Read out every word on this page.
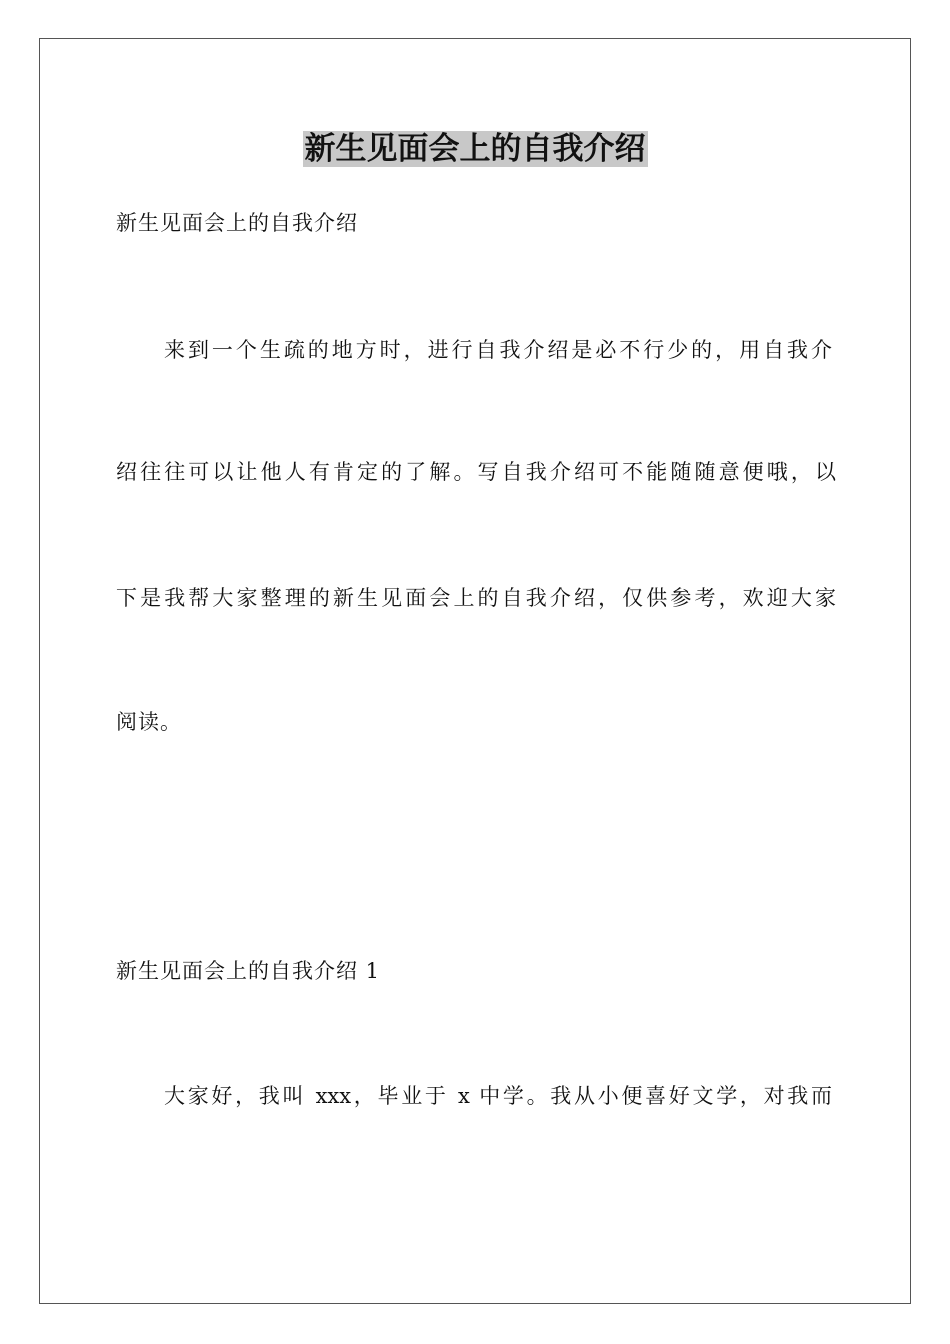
新生见面会上的自我介绍

新生见面会上的自我介绍

来到一个生疏的地方时，进行自我介绍是必不行少的，用自我介

绍往往可以让他人有肯定的了解。写自我介绍可不能随随意便哦，以

下是我帮大家整理的新生见面会上的自我介绍，仅供参考，欢迎大家

阅读。

新生见面会上的自我介绍 1

大家好，我叫 xxx，毕业于 x 中学。我从小便喜好文学，对我而
